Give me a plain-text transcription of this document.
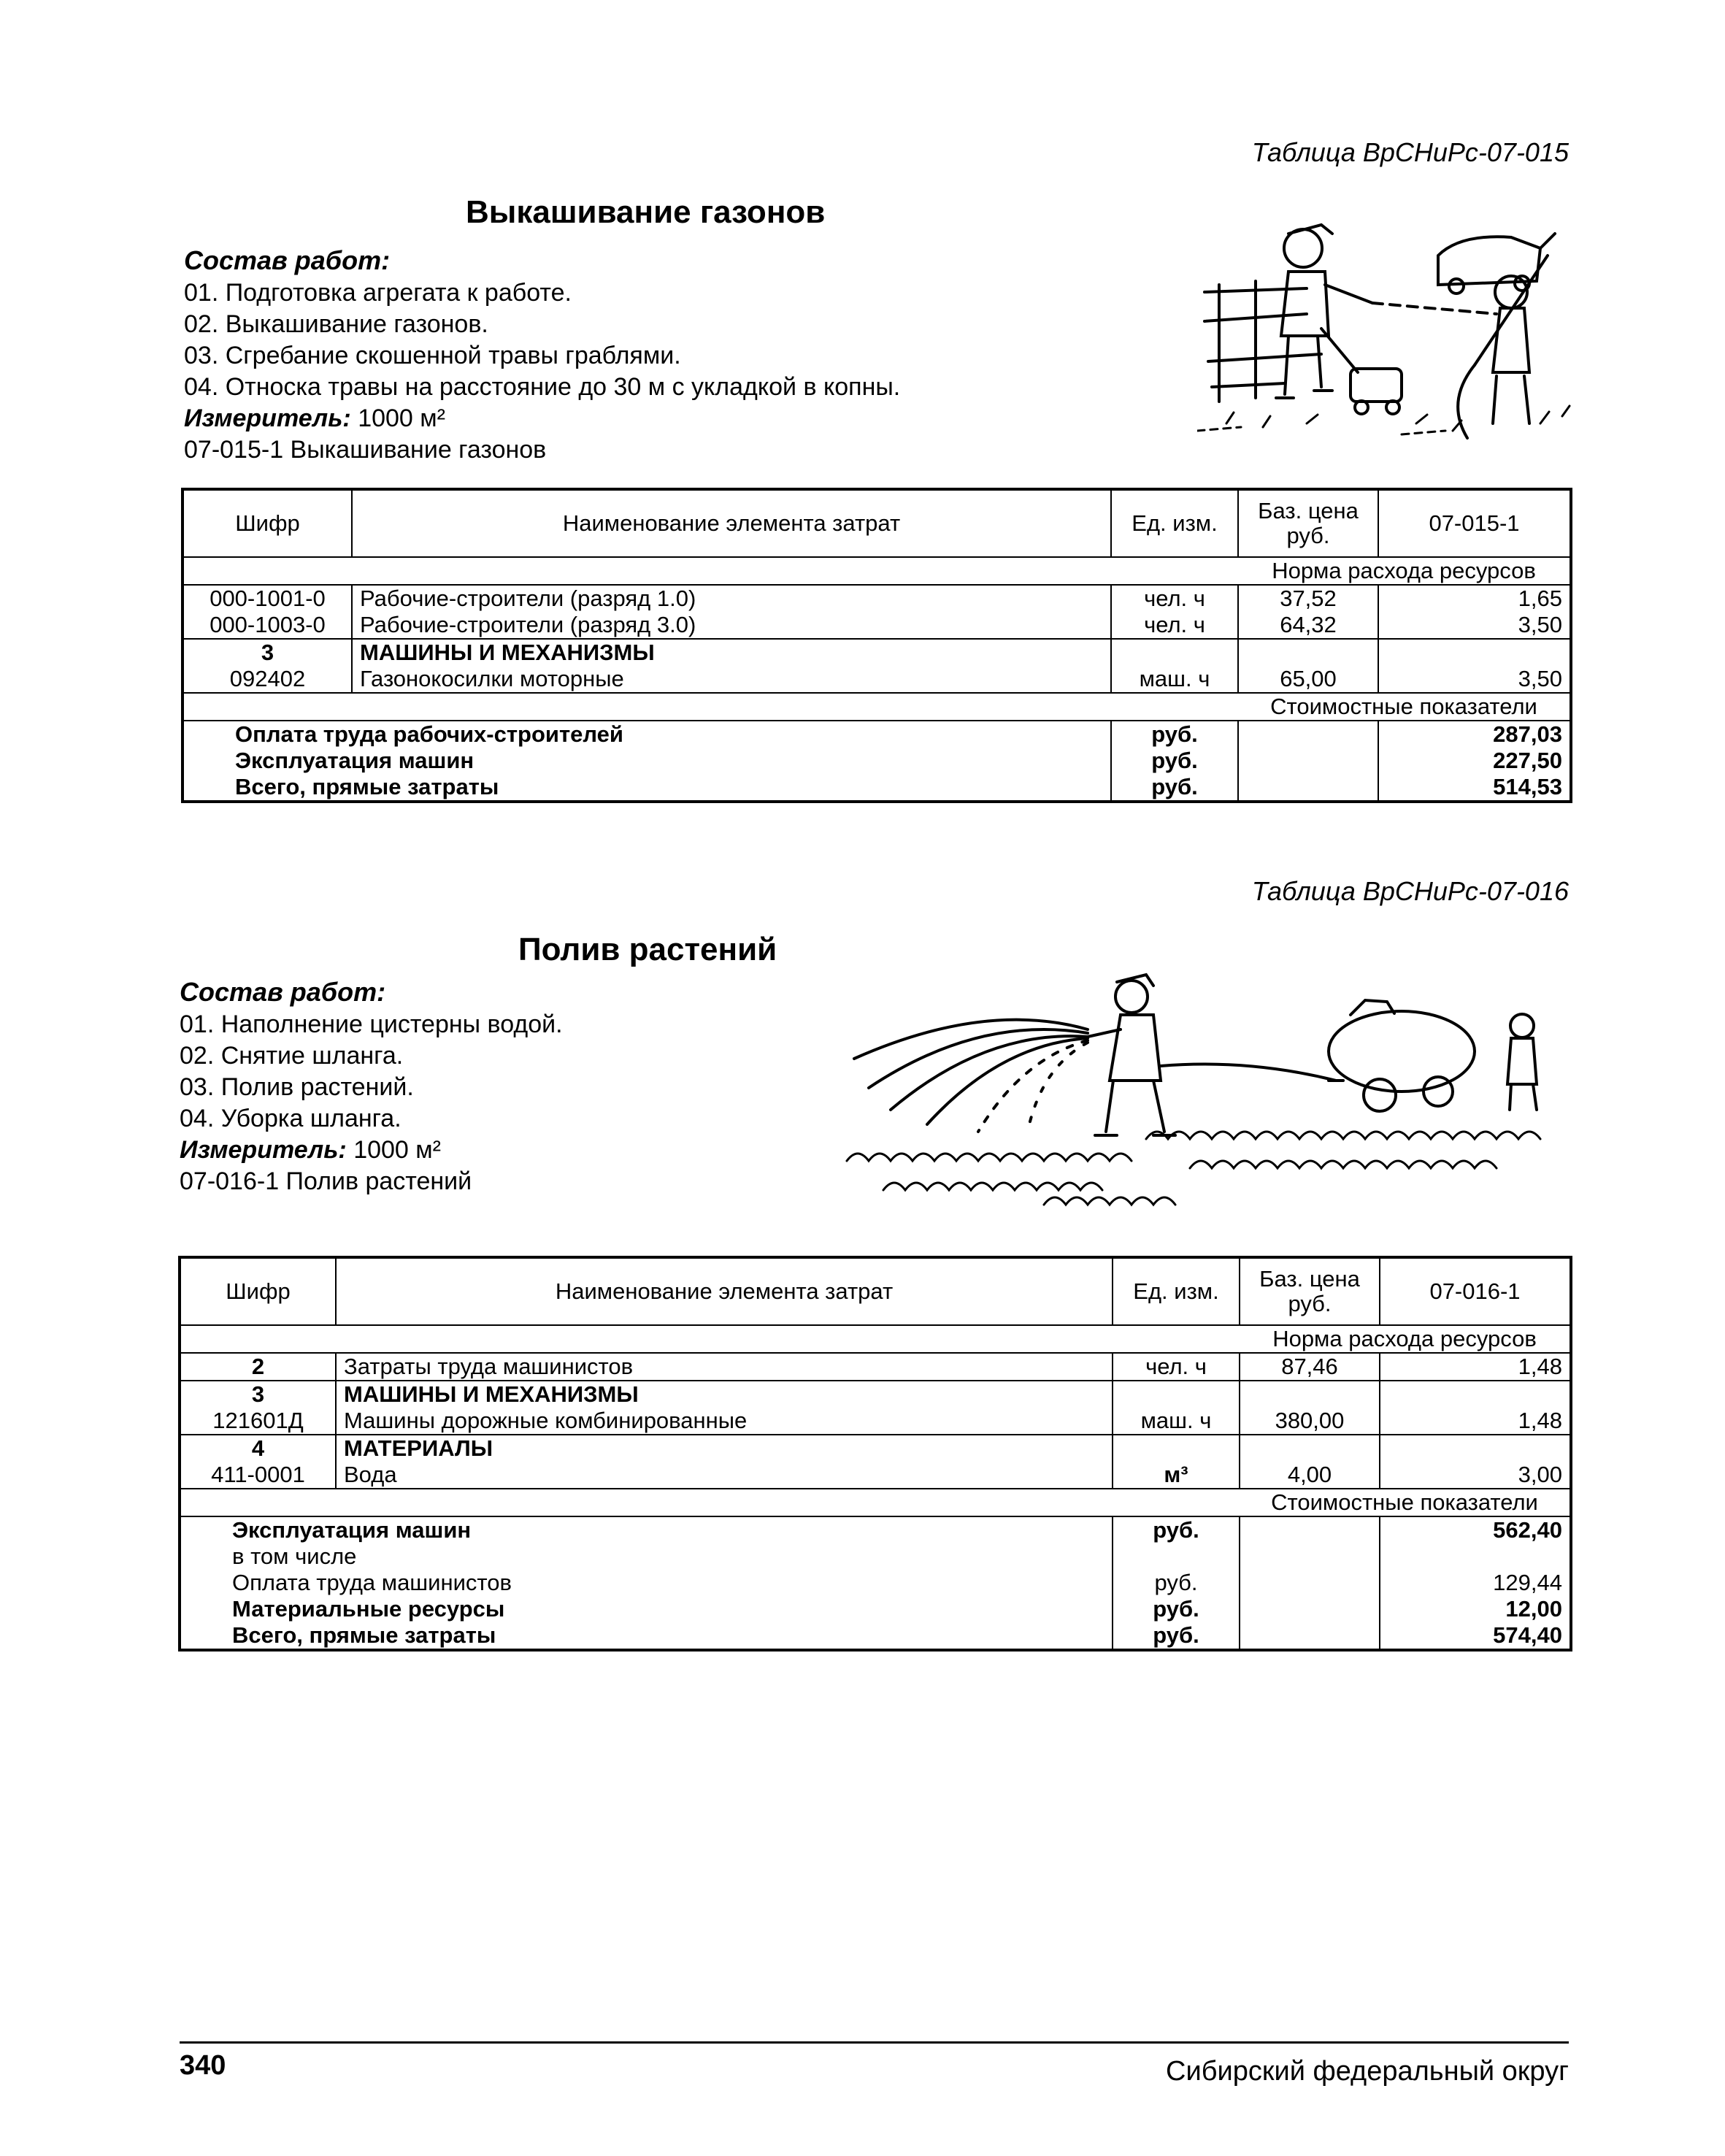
Таблица ВрСНиРс-07-015
Выкашивание газонов
Состав работ:
01. Подготовка агрегата к работе.
02. Выкашивание газонов.
03. Сгребание скошенной травы граблями.
04. Относка травы на расстояние до 30 м с укладкой в копны.
Измеритель: 1000 м²
07-015-1 Выкашивание газонов
Шифр	Наименование элемента затрат	Ед. изм.	Баз. цена руб.	07-015-1
			Норма расхода ресурсов	
000-1001-0	Рабочие-строители (разряд 1.0)	чел. ч	37,52	1,65
000-1003-0	Рабочие-строители (разряд 3.0)	чел. ч	64,32	3,50
3	МАШИНЫ И МЕХАНИЗМЫ			
092402	Газонокосилки моторные	маш. ч	65,00	3,50
			Стоимостные показатели	
Оплата труда рабочих-строителей		руб.		287,03
Эксплуатация машин		руб.		227,50
Всего, прямые затраты		руб.		514,53
Таблица ВрСНиРс-07-016
Полив растений
Состав работ:
01. Наполнение цистерны водой.
02. Снятие шланга.
03. Полив растений.
04. Уборка шланга.
Измеритель: 1000 м²
07-016-1 Полив растений
Шифр	Наименование элемента затрат	Ед. изм.	Баз. цена руб.	07-016-1
			Норма расхода ресурсов	
2	Затраты труда машинистов	чел. ч	87,46	1,48
3	МАШИНЫ И МЕХАНИЗМЫ			
121601Д	Машины дорожные комбинированные	маш. ч	380,00	1,48
4	МАТЕРИАЛЫ			
411-0001	Вода	м³	4,00	3,00
			Стоимостные показатели	
Эксплуатация машин		руб.		562,40
в том числе				
Оплата труда машинистов		руб.		129,44
Материальные ресурсы		руб.		12,00
Всего, прямые затраты		руб.		574,40
340	Сибирский федеральный округ
